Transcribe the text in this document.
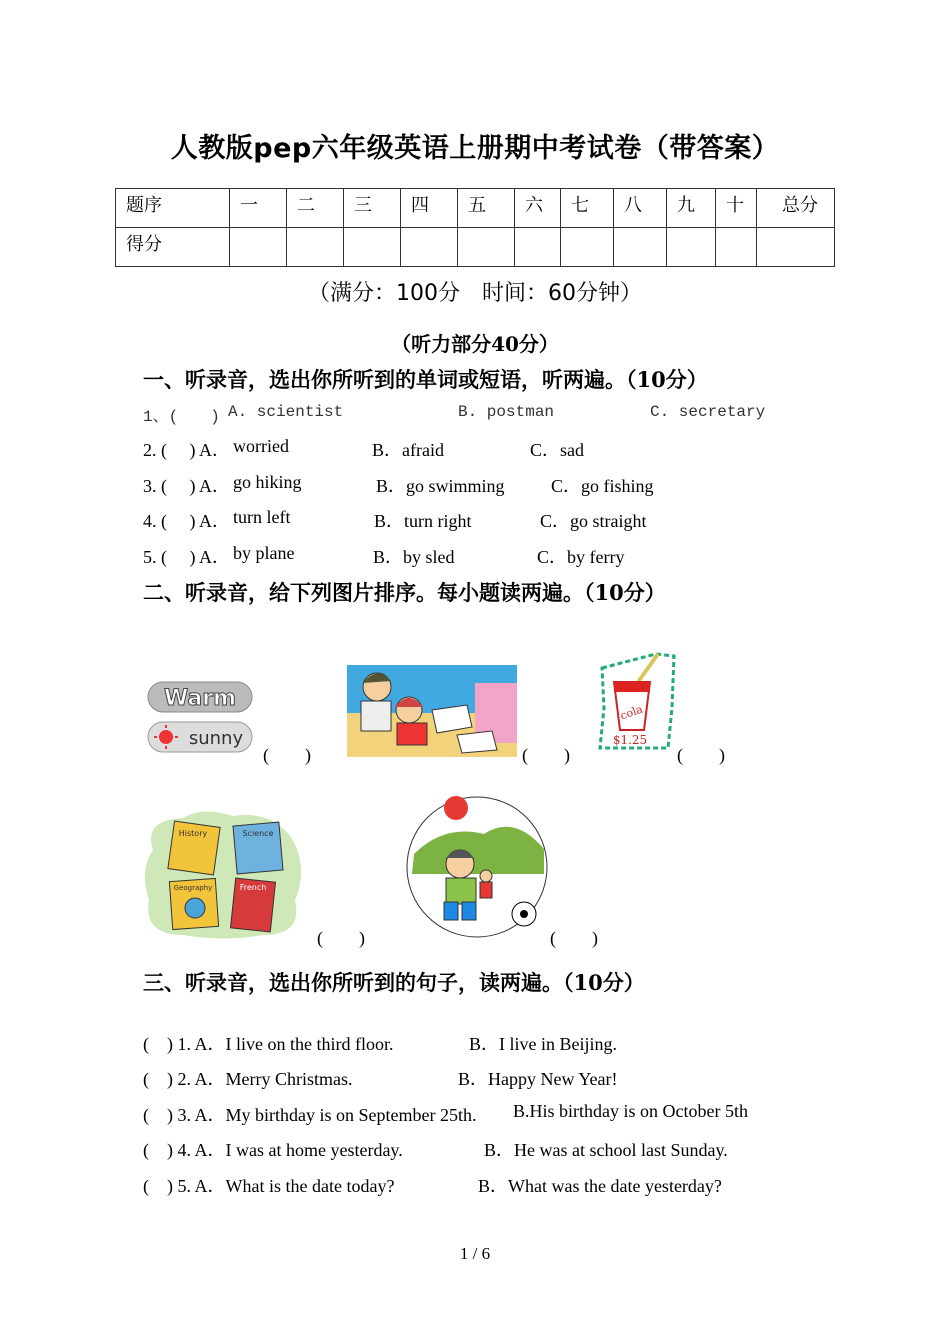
人教版pep六年级英语上册期中考试卷（带答案）
题序	一	二	三	四	五	六	七	八	九	十	总分
得分											
（满分：100分　时间：60分钟）
（听力部分40分）
一、听录音，选出你所听到的单词或短语，听两遍。（10分）
1、(　　) A. scientist	B. postman	C. secretary
2. ( 　) A． worried	B．afraid	C．sad
3. ( 　) A． go hiking	B．go swimming	C．go fishing
4. ( 　) A． turn left	B．turn right	C．go straight
5. ( 　) A． by plane	B．by sled	C．by ferry
二、听录音，给下列图片排序。每小题读两遍。（10分）
Warm
sunny
(　　)	(　　)
cola
$1.25
(　　)
History	Science
Geography	French
(　　)	(　　)
三、听录音，选出你所听到的句子，读两遍。（10分）
(　) 1. A．I live on the third floor.	B．I live in Beijing.
(　) 2. A．Merry Christmas.	B．Happy New Year!
(　) 3. A．My birthday is on September 25th. B.His birthday is on October 5th
(　) 4. A．I was at home yesterday.	B．He was at school last Sunday.
(　) 5. A．What is the date today?	B．What was the date yesterday?
1 / 6
